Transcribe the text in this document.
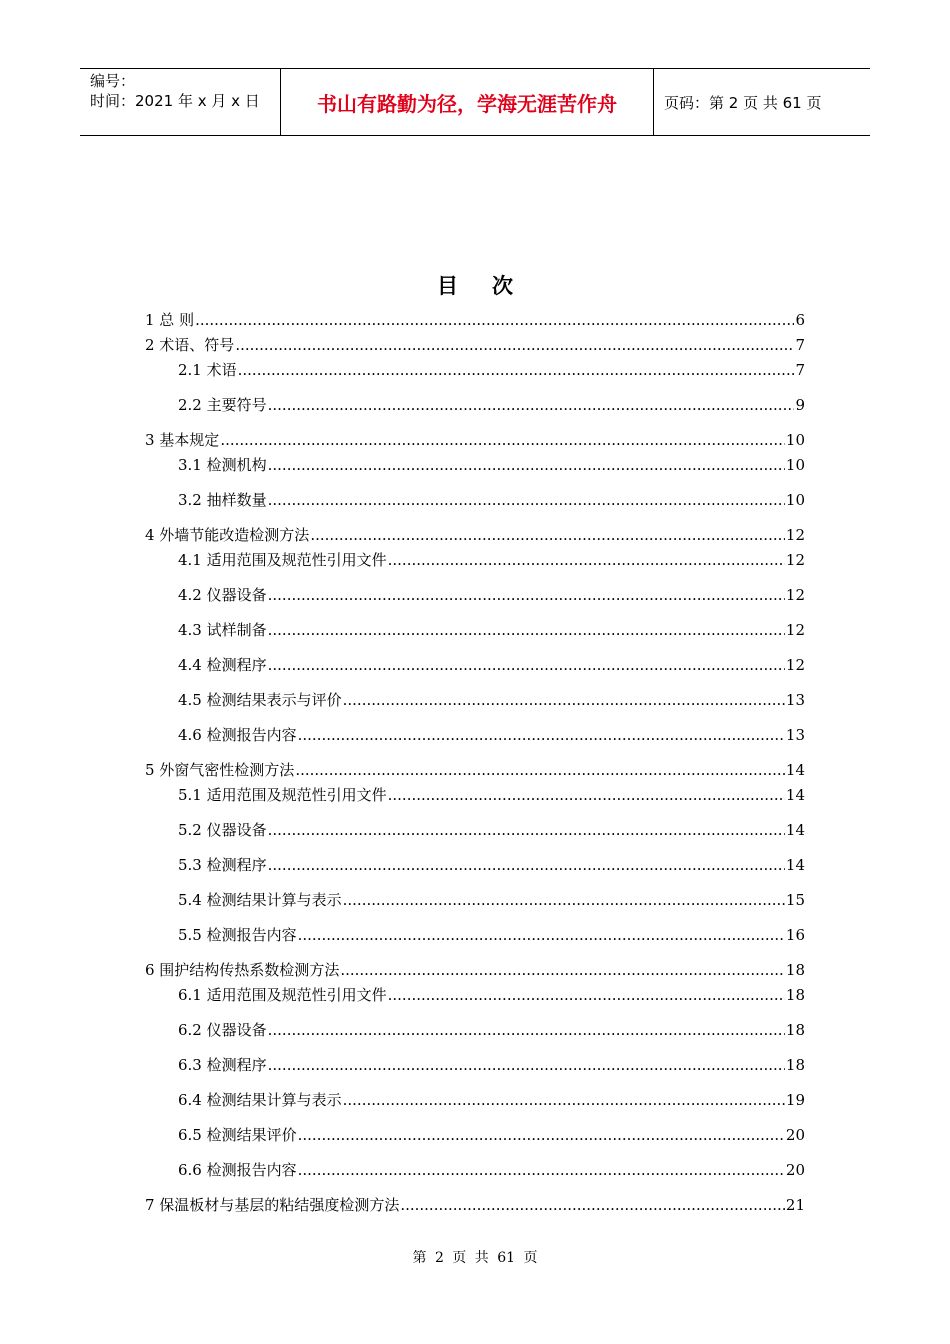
编号：
时间：2021 年 x 月 x 日	书山有路勤为径，学海无涯苦作舟	页码：第 2 页 共 61 页
目次
1 总 则 .....	6
2 术语、符号 .....	7
2.1 术语 .....	7
2.2 主要符号 .....	9
3 基本规定 .....	10
3.1 检测机构 .....	10
3.2 抽样数量 .....	10
4 外墙节能改造检测方法 .....	12
4.1 适用范围及规范性引用文件 .....	12
4.2 仪器设备 .....	12
4.3 试样制备 .....	12
4.4 检测程序 .....	12
4.5 检测结果表示与评价 .....	13
4.6 检测报告内容 .....	13
5 外窗气密性检测方法 .....	14
5.1 适用范围及规范性引用文件 .....	14
5.2 仪器设备 .....	14
5.3 检测程序 .....	14
5.4 检测结果计算与表示 .....	15
5.5 检测报告内容 .....	16
6 围护结构传热系数检测方法 .....	18
6.1 适用范围及规范性引用文件 .....	18
6.2 仪器设备 .....	18
6.3 检测程序 .....	18
6.4 检测结果计算与表示 .....	19
6.5 检测结果评价 .....	20
6.6 检测报告内容 .....	20
7 保温板材与基层的粘结强度检测方法 .....	21
第 2 页 共 61 页
